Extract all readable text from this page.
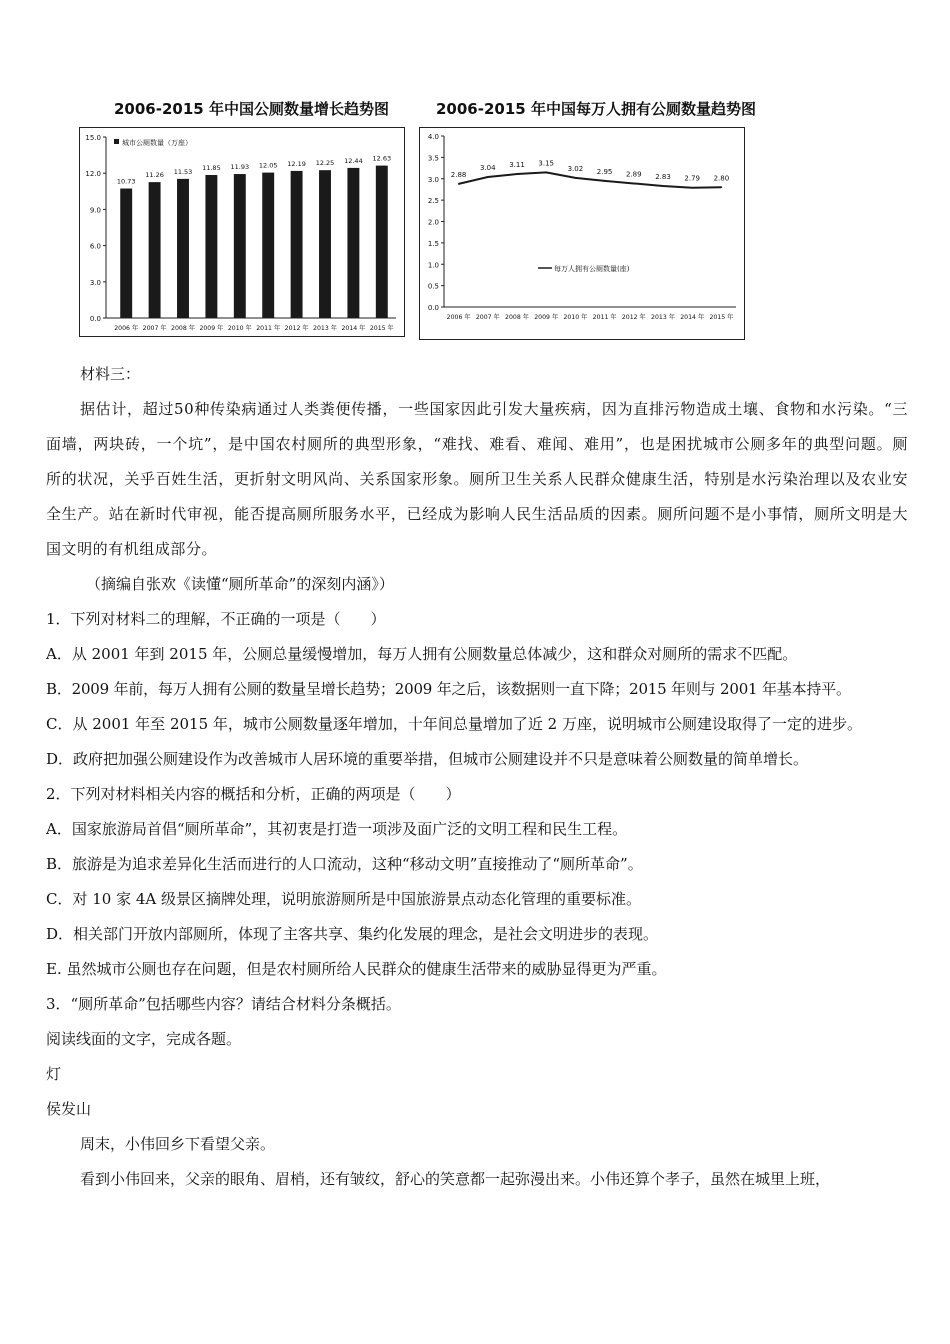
2006-2015 年中国公厕数量增长趋势图
0.0
3.0
6.0
9.0
12.0
15.0
城市公厕数量（万座）
10.73
2006 年
11.26
2007 年
11.53
2008 年
11.85
2009 年
11.93
2010 年
12.05
2011 年
12.19
2012 年
12.25
2013 年
12.44
2014 年
12.63
2015 年
2006-2015 年中国每万人拥有公厕数量趋势图
0.0
0.5
1.0
1.5
2.0
2.5
3.0
3.5
4.0
2.88
2006 年
3.04
2007 年
3.11
2008 年
3.15
2009 年
3.02
2010 年
2.95
2011 年
2.89
2012 年
2.83
2013 年
2.79
2014 年
2.80
2015 年
每万人拥有公厕数量(座)

材料三：

据估计，超过50种传染病通过人类粪便传播，一些国家因此引发大量疾病，因为直排污物造成土壤、食物和水污染。“三面墙，两块砖，一个坑”，是中国农村厕所的典型形象，“难找、难看、难闻、难用”，也是困扰城市公厕多年的典型问题。厕所的状况，关乎百姓生活，更折射文明风尚、关系国家形象。厕所卫生关系人民群众健康生活，特别是水污染治理以及农业安全生产。站在新时代审视，能否提高厕所服务水平，已经成为影响人民生活品质的因素。厕所问题不是小事情，厕所文明是大国文明的有机组成部分。

（摘编自张欢《读懂“厕所革命”的深刻内涵》）

1．下列对材料二的理解，不正确的一项是（　　）

A．从 2001 年到 2015 年，公厕总量缓慢增加，每万人拥有公厕数量总体减少，这和群众对厕所的需求不匹配。

B．2009 年前，每万人拥有公厕的数量呈增长趋势；2009 年之后，该数据则一直下降；2015 年则与 2001 年基本持平。

C．从 2001 年至 2015 年，城市公厕数量逐年增加，十年间总量增加了近 2 万座，说明城市公厕建设取得了一定的进步。

D．政府把加强公厕建设作为改善城市人居环境的重要举措，但城市公厕建设并不只是意味着公厕数量的简单增长。

2．下列对材料相关内容的概括和分析，正确的两项是（　　）

A．国家旅游局首倡“厕所革命”，其初衷是打造一项涉及面广泛的文明工程和民生工程。

B．旅游是为追求差异化生活而进行的人口流动，这种“移动文明”直接推动了“厕所革命”。

C．对 10 家 4A 级景区摘牌处理，说明旅游厕所是中国旅游景点动态化管理的重要标准。

D．相关部门开放内部厕所，体现了主客共享、集约化发展的理念，是社会文明进步的表现。

E. 虽然城市公厕也存在问题，但是农村厕所给人民群众的健康生活带来的威胁显得更为严重。

3．“厕所革命”包括哪些内容？请结合材料分条概括。

阅读线面的文字，完成各题。

灯

侯发山

周末，小伟回乡下看望父亲。

看到小伟回来，父亲的眼角、眉梢，还有皱纹，舒心的笑意都一起弥漫出来。小伟还算个孝子，虽然在城里上班，
